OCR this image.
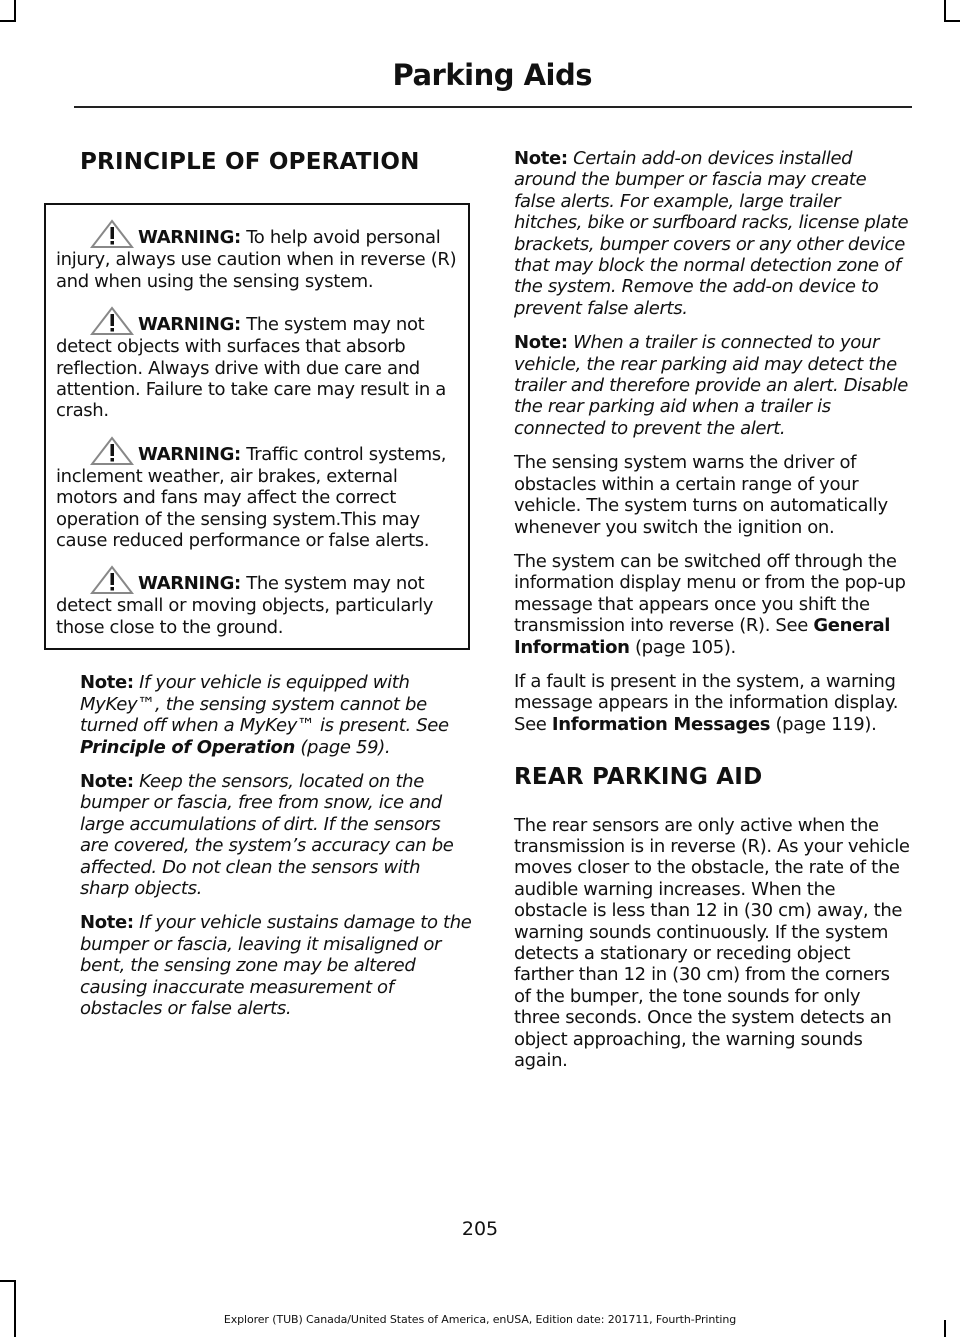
Parking Aids
PRINCIPLE OF OPERATION
WARNING: To help avoid personal injury, always use caution when in reverse (R) and when using the sensing system.
WARNING: The system may not detect objects with surfaces that absorb reflection. Always drive with due care and attention. Failure to take care may result in a crash.
WARNING: Traffic control systems, inclement weather, air brakes, external motors and fans may affect the correct operation of the sensing system.This may cause reduced performance or false alerts.
WARNING: The system may not detect small or moving objects, particularly those close to the ground.

Note: If your vehicle is equipped with MyKey™, the sensing system cannot be turned off when a MyKey™ is present. See Principle of Operation (page 59).

Note: Keep the sensors, located on the bumper or fascia, free from snow, ice and large accumulations of dirt. If the sensors are covered, the system’s accuracy can be affected. Do not clean the sensors with sharp objects.

Note: If your vehicle sustains damage to the bumper or fascia, leaving it misaligned or bent, the sensing zone may be altered causing inaccurate measurement of obstacles or false alerts.

Note: Certain add-on devices installed around the bumper or fascia may create false alerts. For example, large trailer hitches, bike or surfboard racks, license plate brackets, bumper covers or any other device that may block the normal detection zone of the system. Remove the add-on device to prevent false alerts.

Note: When a trailer is connected to your vehicle, the rear parking aid may detect the trailer and therefore provide an alert. Disable the rear parking aid when a trailer is connected to prevent the alert.

The sensing system warns the driver of obstacles within a certain range of your vehicle. The system turns on automatically whenever you switch the ignition on.

The system can be switched off through the information display menu or from the pop-up message that appears once you shift the transmission into reverse (R). See General Information (page 105).

If a fault is present in the system, a warning message appears in the information display. See Information Messages (page 119).

REAR PARKING AID

The rear sensors are only active when the transmission is in reverse (R). As your vehicle moves closer to the obstacle, the rate of the audible warning increases. When the obstacle is less than 12 in (30 cm) away, the warning sounds continuously. If the system detects a stationary or receding object farther than 12 in (30 cm) from the corners of the bumper, the tone sounds for only three seconds. Once the system detects an object approaching, the warning sounds again.

205
Explorer (TUB) Canada/United States of America, enUSA, Edition date: 201711, Fourth-Printing
